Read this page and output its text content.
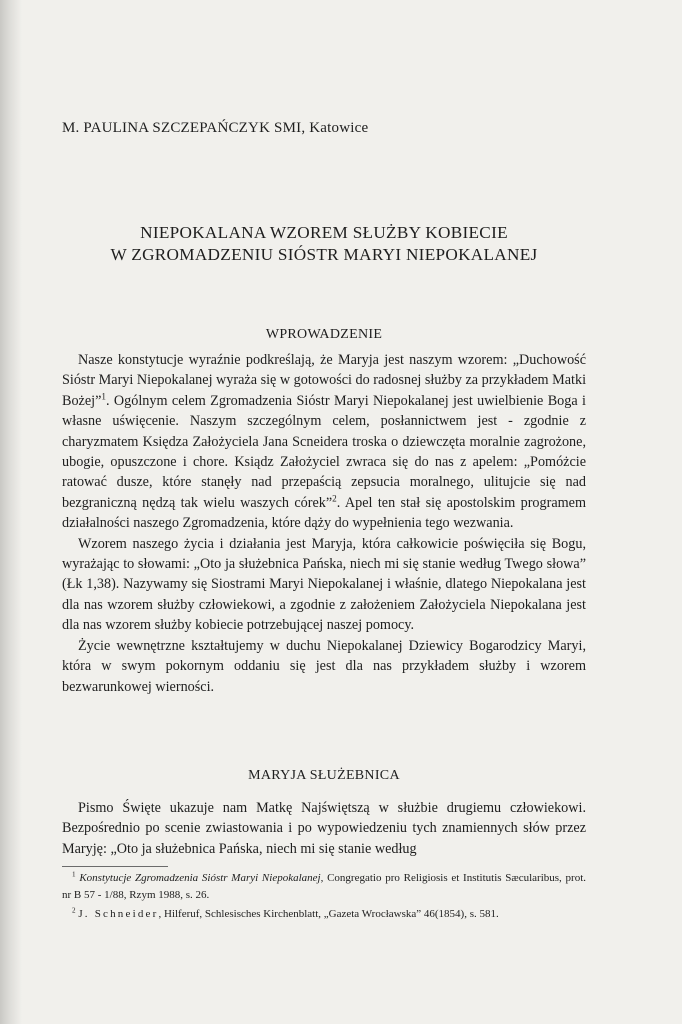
M. PAULINA SZCZEPAŃCZYK SMI, Katowice
NIEPOKALANA WZOREM SŁUŻBY KOBIECIE
W ZGROMADZENIU SIÓSTR MARYI NIEPOKALANEJ
WPROWADZENIE

Nasze konstytucje wyraźnie podkreślają, że Maryja jest naszym wzorem: „Duchowość Sióstr Maryi Niepokalanej wyraża się w gotowości do radosnej służby za przykładem Matki Bożej”$^1$. Ogólnym celem Zgromadzenia Sióstr Maryi Niepokalanej jest uwielbienie Boga i własne uświęcenie. Naszym szczególnym celem, posłannictwem jest - zgodnie z charyzmatem Księdza Założyciela Jana Scneidera troska o dziewczęta moralnie zagrożone, ubogie, opuszczone i chore. Ksiądz Założyciel zwraca się do nas z apelem: „Pomóżcie ratować dusze, które stanęły nad przepaścią zepsucia moralnego, ulitujcie się nad bezgraniczną nędzą tak wielu waszych córek”$^2$. Apel ten stał się apostolskim programem działalności naszego Zgromadzenia, które dąży do wypełnienia tego wezwania.

Wzorem naszego życia i działania jest Maryja, która całkowicie poświęciła się Bogu, wyrażając to słowami: „Oto ja służebnica Pańska, niech mi się stanie według Twego słowa” (Łk 1,38). Nazywamy się Siostrami Maryi Niepokalanej i właśnie, dlatego Niepokalana jest dla nas wzorem służby człowiekowi, a zgodnie z założeniem Założyciela Niepokalana jest dla nas wzorem służby kobiecie potrzebującej naszej pomocy.

Życie wewnętrzne kształtujemy w duchu Niepokalanej Dziewicy Bogarodzicy Maryi, która w swym pokornym oddaniu się jest dla nas przykładem służby i wzorem bezwarunkowej wierności.

MARYJA SŁUŻEBNICA

Pismo Święte ukazuje nam Matkę Najświętszą w służbie drugiemu człowiekowi. Bezpośrednio po scenie zwiastowania i po wypowiedzeniu tych znamiennych słów przez Maryję: „Oto ja służebnica Pańska, niech mi się stanie według

$^1$ Konstytucje Zgromadzenia Sióstr Maryi Niepokalanej, Congregatio pro Religiosis et Institutis Sæcularibus, prot. nr B 57 - 1/88, Rzym 1988, s. 26.

$^2$ J. Schneider, Hilferuf, Schlesisches Kirchenblatt, „Gazeta Wrocławska” 46(1854), s. 581.
